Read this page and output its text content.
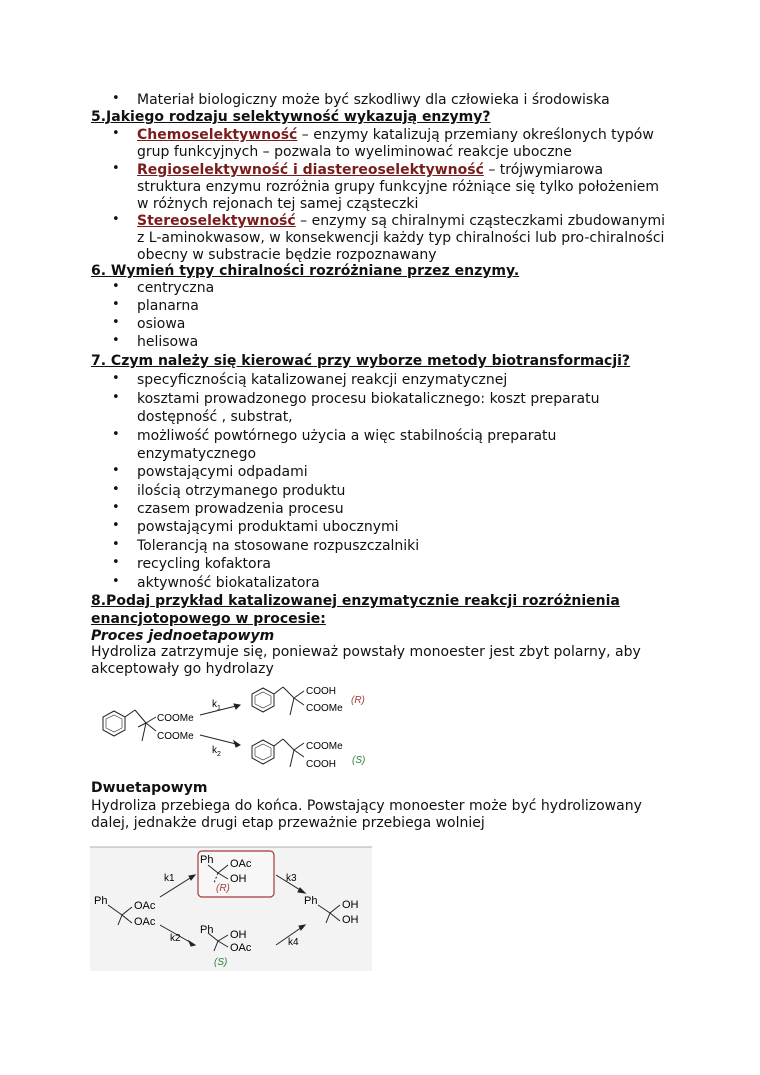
• Materiał biologiczny może być szkodliwy dla człowieka i środowiska
5.Jakiego rodzaju selektywność wykazują enzymy?
• Chemoselektywność – enzymy katalizują przemiany określonych typów
grup funkcyjnych – pozwala to wyeliminować reakcje uboczne
• Regioselektywność i diastereoselektywność – trójwymiarowa
struktura enzymu rozróżnia grupy funkcyjne różniące się tylko położeniem
w różnych rejonach tej samej cząsteczki
• Stereoselektywność – enzymy są chiralnymi cząsteczkami zbudowanymi
z L-aminokwasow, w konsekwencji każdy typ chiralności lub pro-chiralności
obecny w substracie będzie rozpoznawany
6. Wymień typy chiralności rozróżniane przez enzymy.
• centryczna
• planarna
• osiowa
• helisowa
7. Czym należy się kierować przy wyborze metody biotransformacji?
• specyficznością katalizowanej reakcji enzymatycznej
• kosztami prowadzonego procesu biokatalicznego: koszt preparatu
dostępność , substrat,
• możliwość powtórnego użycia a więc stabilnością preparatu
enzymatycznego
• powstającymi odpadami
• ilością otrzymanego produktu
• czasem prowadzenia procesu
• powstającymi produktami ubocznymi
• Tolerancją na stosowane rozpuszczalniki
• recycling kofaktora
• aktywność biokatalizatora
8.Podaj przykład katalizowanej enzymatycznie reakcji rozróżnienia
enancjotopowego w procesie:
Proces jednoetapowym
Hydroliza zatrzymuje się, ponieważ powstały monoester jest zbyt polarny, aby
akceptowały go hydrolazy
COOMe
COOMe
$k_1$
$k_2$
COOH
COOMe
(R)
COOMe
COOH (S)
Dwuetapowym
Hydroliza przebiega do końca. Powstający monoester może być hydrolizowany
dalej, jednakże drugi etap przeważnie przebiega wolniej
Ph OAc
OAc
k1
k2
Ph OAc
OH
(R)
Ph OH
OAc
(S)
k3
k4
Ph OH
OH
